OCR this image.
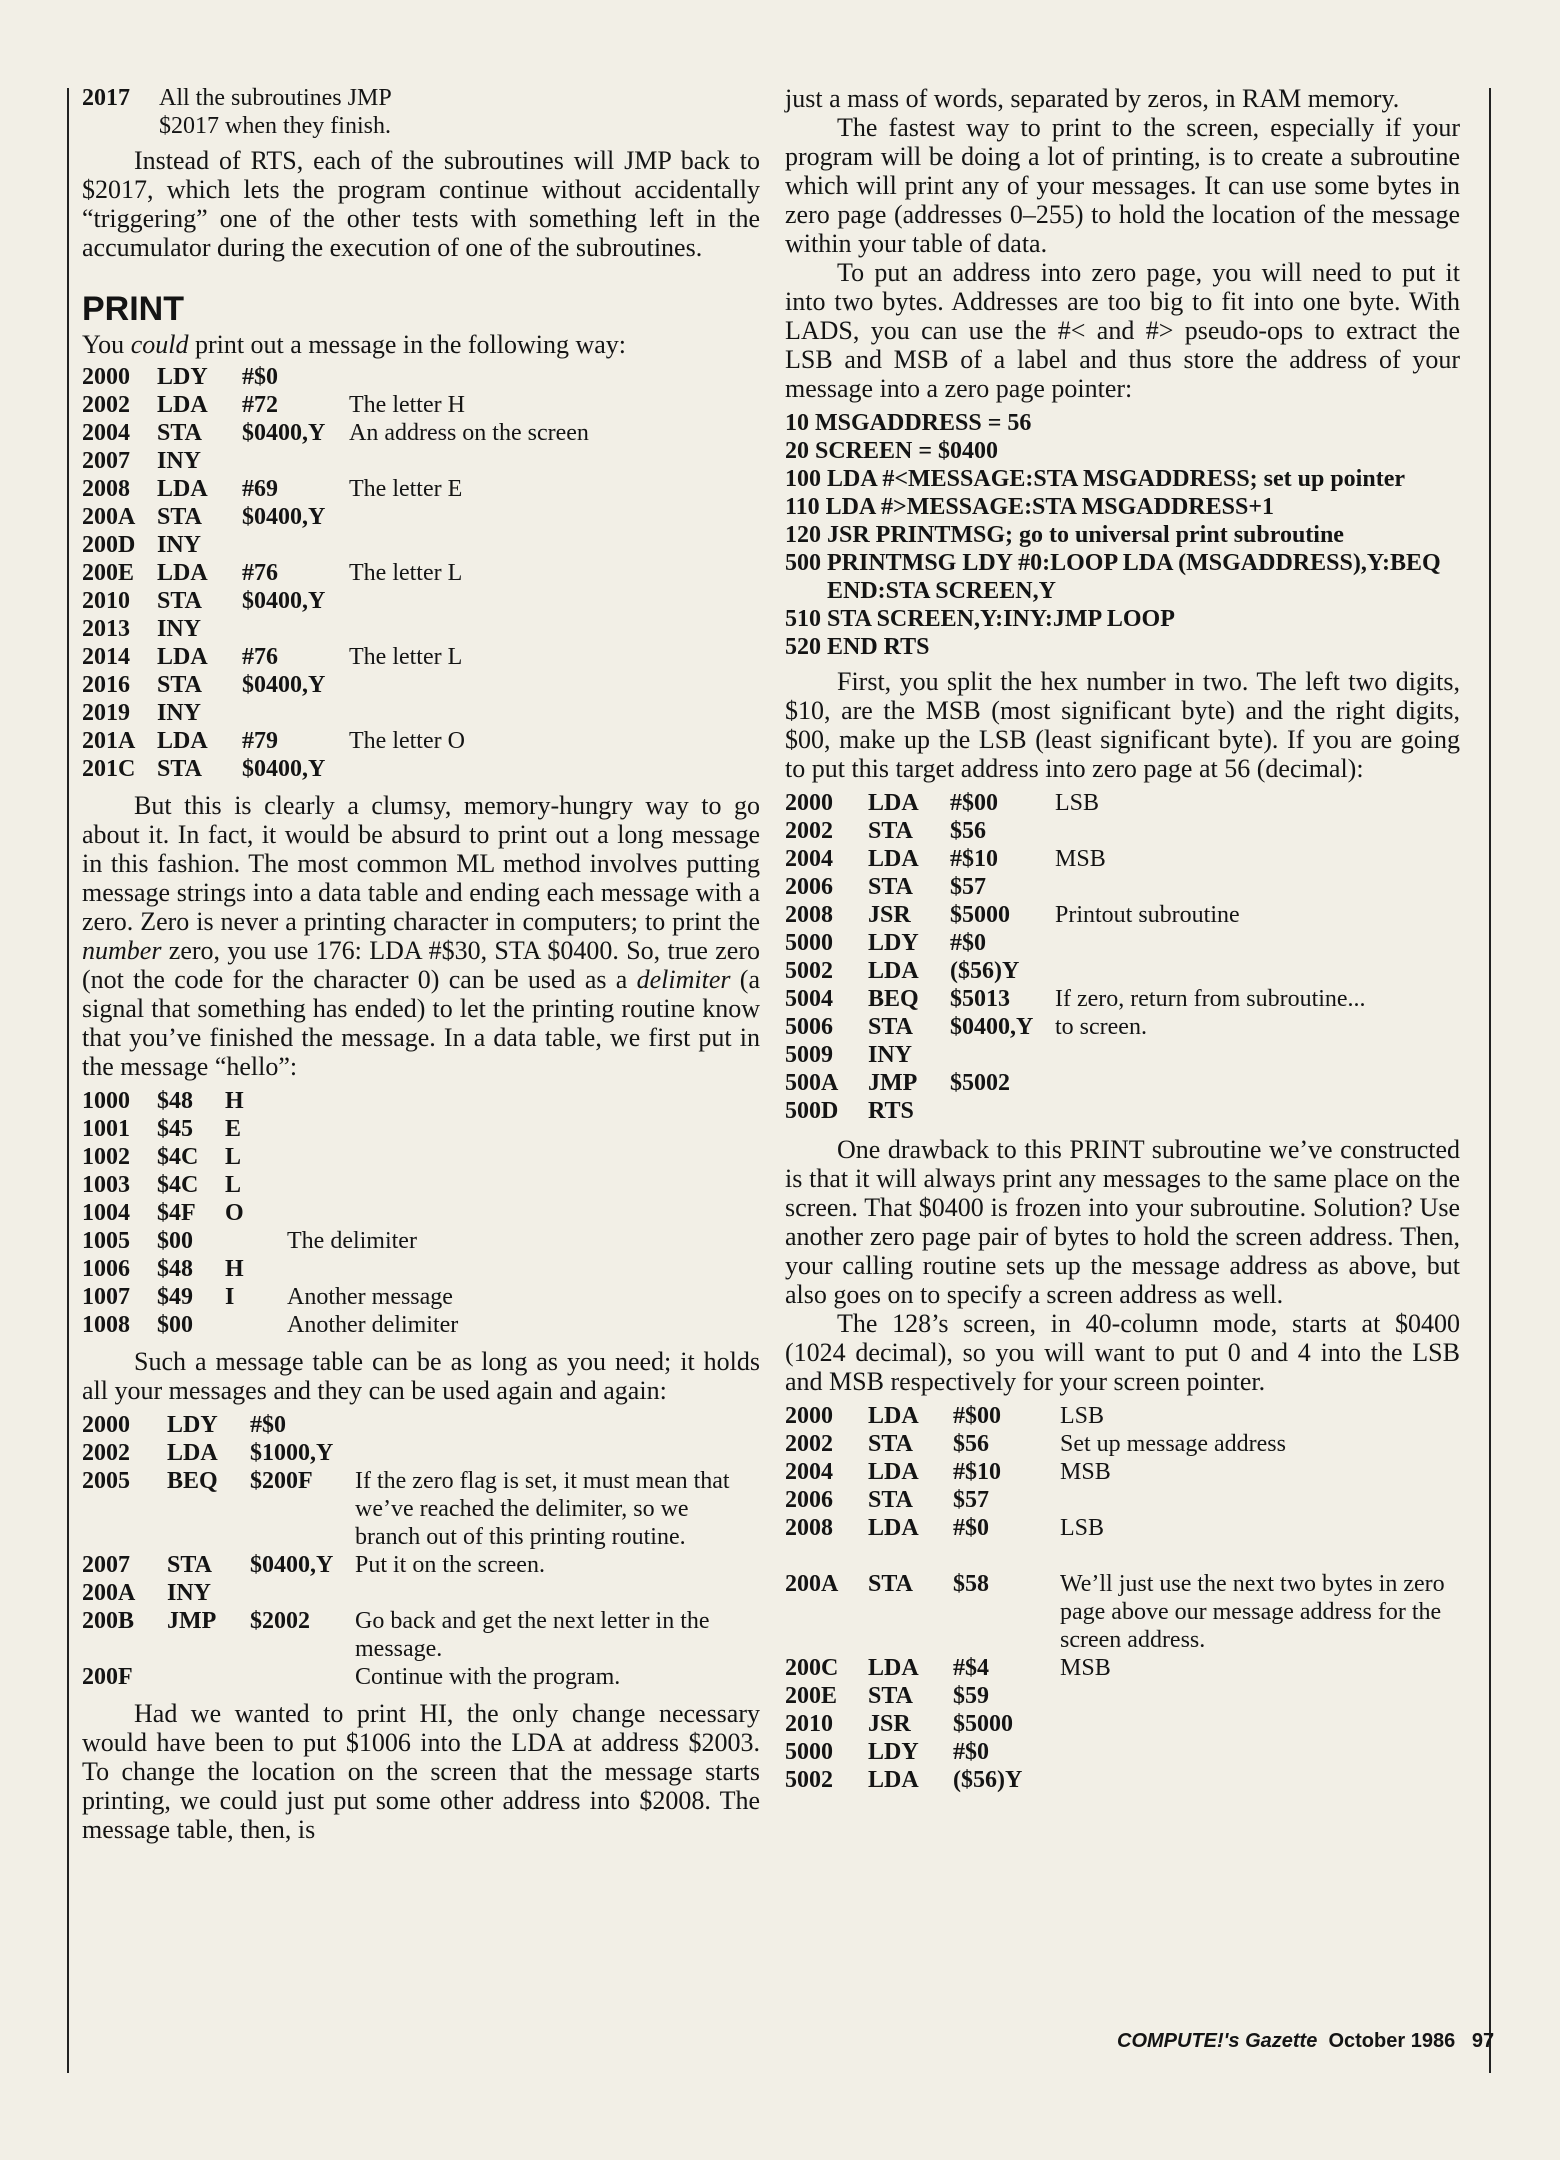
2017			All the subroutines JMP $2017 when they finish.

Instead of RTS, each of the subroutines will JMP back to $2017, which lets the program continue without accidentally “triggering” one of the other tests with something left in the accumulator during the execution of one of the subroutines.

PRINT

You could print out a message in the following way:

2000	LDY	#$0	
2002	LDA	#72	The letter H
2004	STA	$0400,Y	An address on the screen
2007	INY		
2008	LDA	#69	The letter E
200A	STA	$0400,Y	
200D	INY		
200E	LDA	#76	The letter L
2010	STA	$0400,Y	
2013	INY		
2014	LDA	#76	The letter L
2016	STA	$0400,Y	
2019	INY		
201A	LDA	#79	The letter O
201C	STA	$0400,Y	

But this is clearly a clumsy, memory-hungry way to go about it. In fact, it would be absurd to print out a long message in this fashion. The most common ML method involves putting message strings into a data table and ending each message with a zero. Zero is never a printing character in computers; to print the number zero, you use 176: LDA #$30, STA $0400. So, true zero (not the code for the character 0) can be used as a delimiter (a signal that something has ended) to let the printing routine know that you’ve finished the message. In a data table, we first put in the message “hello”:

1000	$48	H	
1001	$45	E	
1002	$4C	L	
1003	$4C	L	
1004	$4F	O	
1005	$00		The delimiter
1006	$48	H	
1007	$49	I	Another message
1008	$00		Another delimiter

Such a message table can be as long as you need; it holds all your messages and they can be used again and again:

2000	LDY	#$0	
2002	LDA	$1000,Y	
2005	BEQ	$200F	If the zero flag is set, it must mean that we’ve reached the delimiter, so we branch out of this printing routine.
2007	STA	$0400,Y	Put it on the screen.
200A	INY		
200B	JMP	$2002	Go back and get the next letter in the message.
200F			Continue with the program.

Had we wanted to print HI, the only change necessary would have been to put $1006 into the LDA at address $2003. To change the location on the screen that the message starts printing, we could just put some other address into $2008. The message table, then, is

just a mass of words, separated by zeros, in RAM memory.

The fastest way to print to the screen, especially if your program will be doing a lot of printing, is to create a subroutine which will print any of your messages. It can use some bytes in zero page (addresses 0–255) to hold the location of the message within your table of data.

To put an address into zero page, you will need to put it into two bytes. Addresses are too big to fit into one byte. With LADS, you can use the #< and #> pseudo-ops to extract the LSB and MSB of a label and thus store the address of your message into a zero page pointer:

10 MSGADDRESS = 56
20 SCREEN = $0400
100 LDA #<MESSAGE:STA MSGADDRESS; set up pointer
110 LDA #>MESSAGE:STA MSGADDRESS+1
120 JSR PRINTMSG; go to universal print subroutine
500 PRINTMSG LDY #0:LOOP LDA (MSGADDRESS),Y:BEQ END:STA SCREEN,Y
510 STA SCREEN,Y:INY:JMP LOOP
520 END RTS

First, you split the hex number in two. The left two digits, $10, are the MSB (most significant byte) and the right digits, $00, make up the LSB (least significant byte). If you are going to put this target address into zero page at 56 (decimal):

2000	LDA	#$00	LSB
2002	STA	$56	
2004	LDA	#$10	MSB
2006	STA	$57	
2008	JSR	$5000	Printout subroutine
5000	LDY	#$0	
5002	LDA	($56)Y	
5004	BEQ	$5013	If zero, return from subroutine...
5006	STA	$0400,Y	to screen.
5009	INY		
500A	JMP	$5002	
500D	RTS		

One drawback to this PRINT subroutine we’ve constructed is that it will always print any messages to the same place on the screen. That $0400 is frozen into your subroutine. Solution? Use another zero page pair of bytes to hold the screen address. Then, your calling routine sets up the message address as above, but also goes on to specify a screen address as well.

The 128’s screen, in 40-column mode, starts at $0400 (1024 decimal), so you will want to put 0 and 4 into the LSB and MSB respectively for your screen pointer.

2000	LDA	#$00	LSB
2002	STA	$56	Set up message address
2004	LDA	#$10	MSB
2006	STA	$57	
2008	LDA	#$0	LSB

200A	STA	$58	We’ll just use the next two bytes in zero page above our message address for the screen address.
200C	LDA	#$4	MSB
200E	STA	$59	
2010	JSR	$5000	
5000	LDY	#$0	
5002	LDA	($56)Y	
COMPUTE!'s Gazette October 1986 97
